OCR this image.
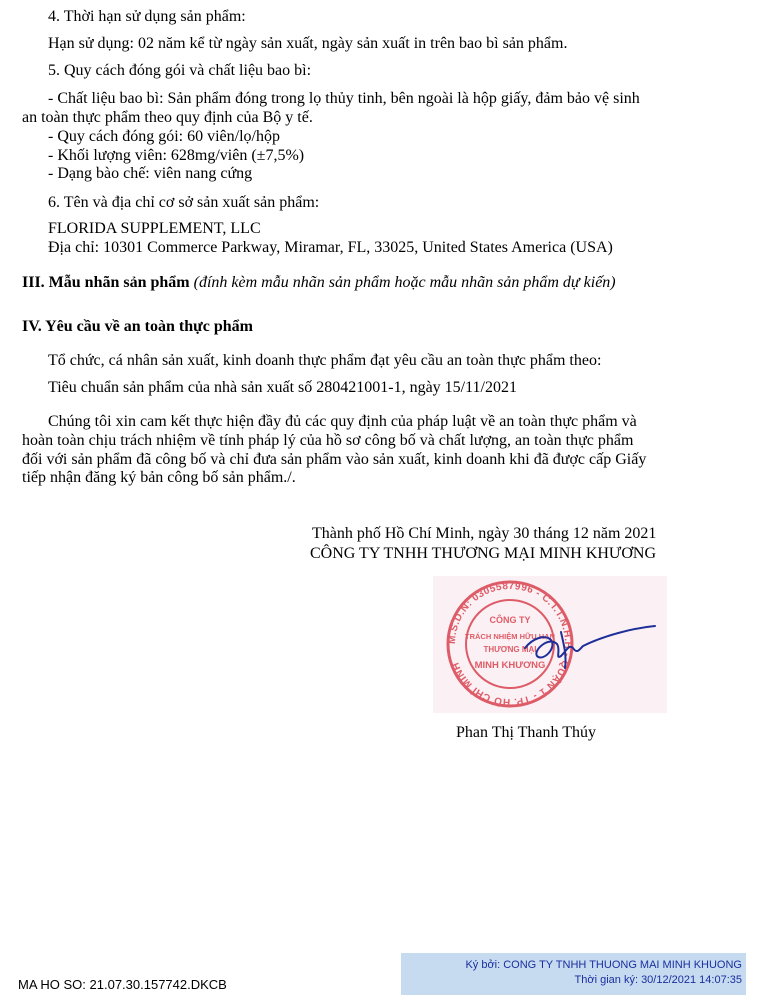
4. Thời hạn sử dụng sản phẩm:
Hạn sử dụng: 02 năm kể từ ngày sản xuất, ngày sản xuất in trên bao bì sản phẩm.
5. Quy cách đóng gói và chất liệu bao bì:
- Chất liệu bao bì: Sản phẩm đóng trong lọ thủy tinh, bên ngoài là hộp giấy, đảm bảo vệ sinh
an toàn thực phẩm theo quy định của Bộ y tế.
- Quy cách đóng gói: 60 viên/lọ/hộp
- Khối lượng viên: 628mg/viên (±7,5%)
- Dạng bào chế: viên nang cứng
6. Tên và địa chỉ cơ sở sản xuất sản phẩm:
FLORIDA SUPPLEMENT, LLC
Địa chỉ: 10301 Commerce Parkway, Miramar, FL, 33025, United States America (USA)
III. Mẫu nhãn sản phẩm (đính kèm mẫu nhãn sản phẩm hoặc mẫu nhãn sản phẩm dự kiến)
IV. Yêu cầu về an toàn thực phẩm
Tổ chức, cá nhân sản xuất, kinh doanh thực phẩm đạt yêu cầu an toàn thực phẩm theo:
Tiêu chuẩn sản phẩm của nhà sản xuất số 280421001-1, ngày 15/11/2021
Chúng tôi xin cam kết thực hiện đầy đủ các quy định của pháp luật về an toàn thực phẩm và
hoàn toàn chịu trách nhiệm về tính pháp lý của hồ sơ công bố và chất lượng, an toàn thực phẩm
đối với sản phẩm đã công bố và chỉ đưa sản phẩm vào sản xuất, kinh doanh khi đã được cấp Giấy
tiếp nhận đăng ký bản công bố sản phẩm./.
Thành phố Hồ Chí Minh, ngày 30 tháng 12 năm 2021
CÔNG TY TNHH THƯƠNG MẠI MINH KHƯƠNG
M.S.D.N: 0305587996 - C.T.T.N.H.H - QUẬN 1 - TP. HỒ CHÍ MINH
CÔNG TY
TRÁCH NHIỆM HỮU HẠN
THƯƠNG MẠI
MINH KHƯƠNG
Phan Thị Thanh Thúy
MA HO SO: 21.07.30.157742.DKCB
Ký bởi: CONG TY TNHH THUONG MAI MINH KHUONG
Thời gian ký: 30/12/2021 14:07:35
